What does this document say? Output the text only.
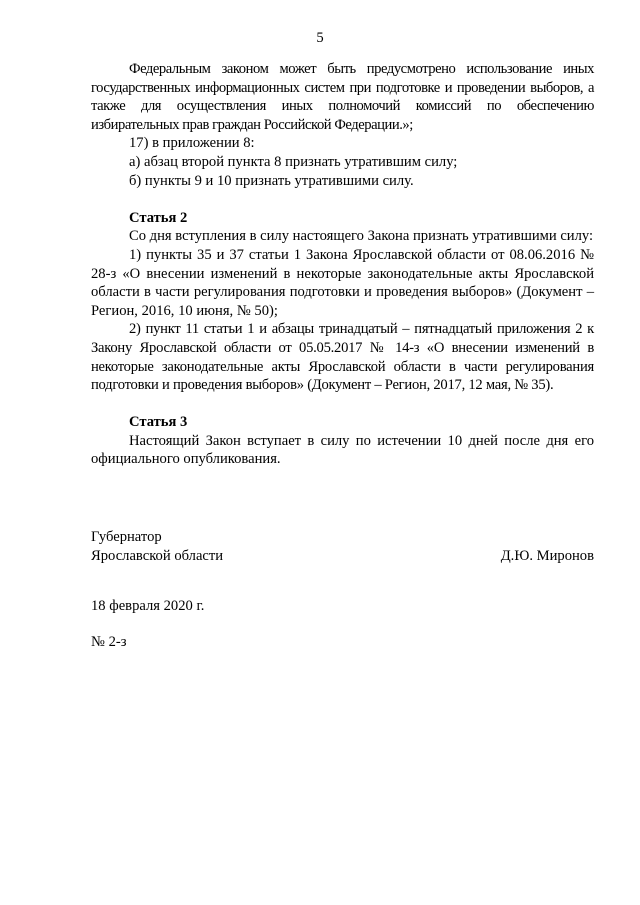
5

Федеральным законом может быть предусмотрено использование иных государственных информационных систем при подготовке и проведении выборов, а также для осуществления иных полномочий комиссий по обеспечению избирательных прав граждан Российской Федерации.»;

17) в приложении 8:

а) абзац второй пункта 8 признать утратившим силу;

б) пункты 9 и 10 признать утратившими силу.

Статья 2

Со дня вступления в силу настоящего Закона признать утратившими силу:

1) пункты 35 и 37 статьи 1 Закона Ярославской области от 08.06.2016 № 28-з «О внесении изменений в некоторые законодательные акты Ярославской области в части регулирования подготовки и проведения выборов» (Документ – Регион, 2016, 10 июня, № 50);

2) пункт 11 статьи 1 и абзацы тринадцатый – пятнадцатый приложения 2 к Закону Ярославской области от 05.05.2017 № 14-з «О внесении изменений в некоторые законодательные акты Ярославской области в части регулирования подготовки и проведения выборов» (Документ – Регион, 2017, 12 мая, № 35).

Статья 3

Настоящий Закон вступает в силу по истечении 10 дней после дня его официального опубликования.

Губернатор
Ярославской области	Д.Ю. Миронов
18 февраля 2020 г.
№ 2-з
